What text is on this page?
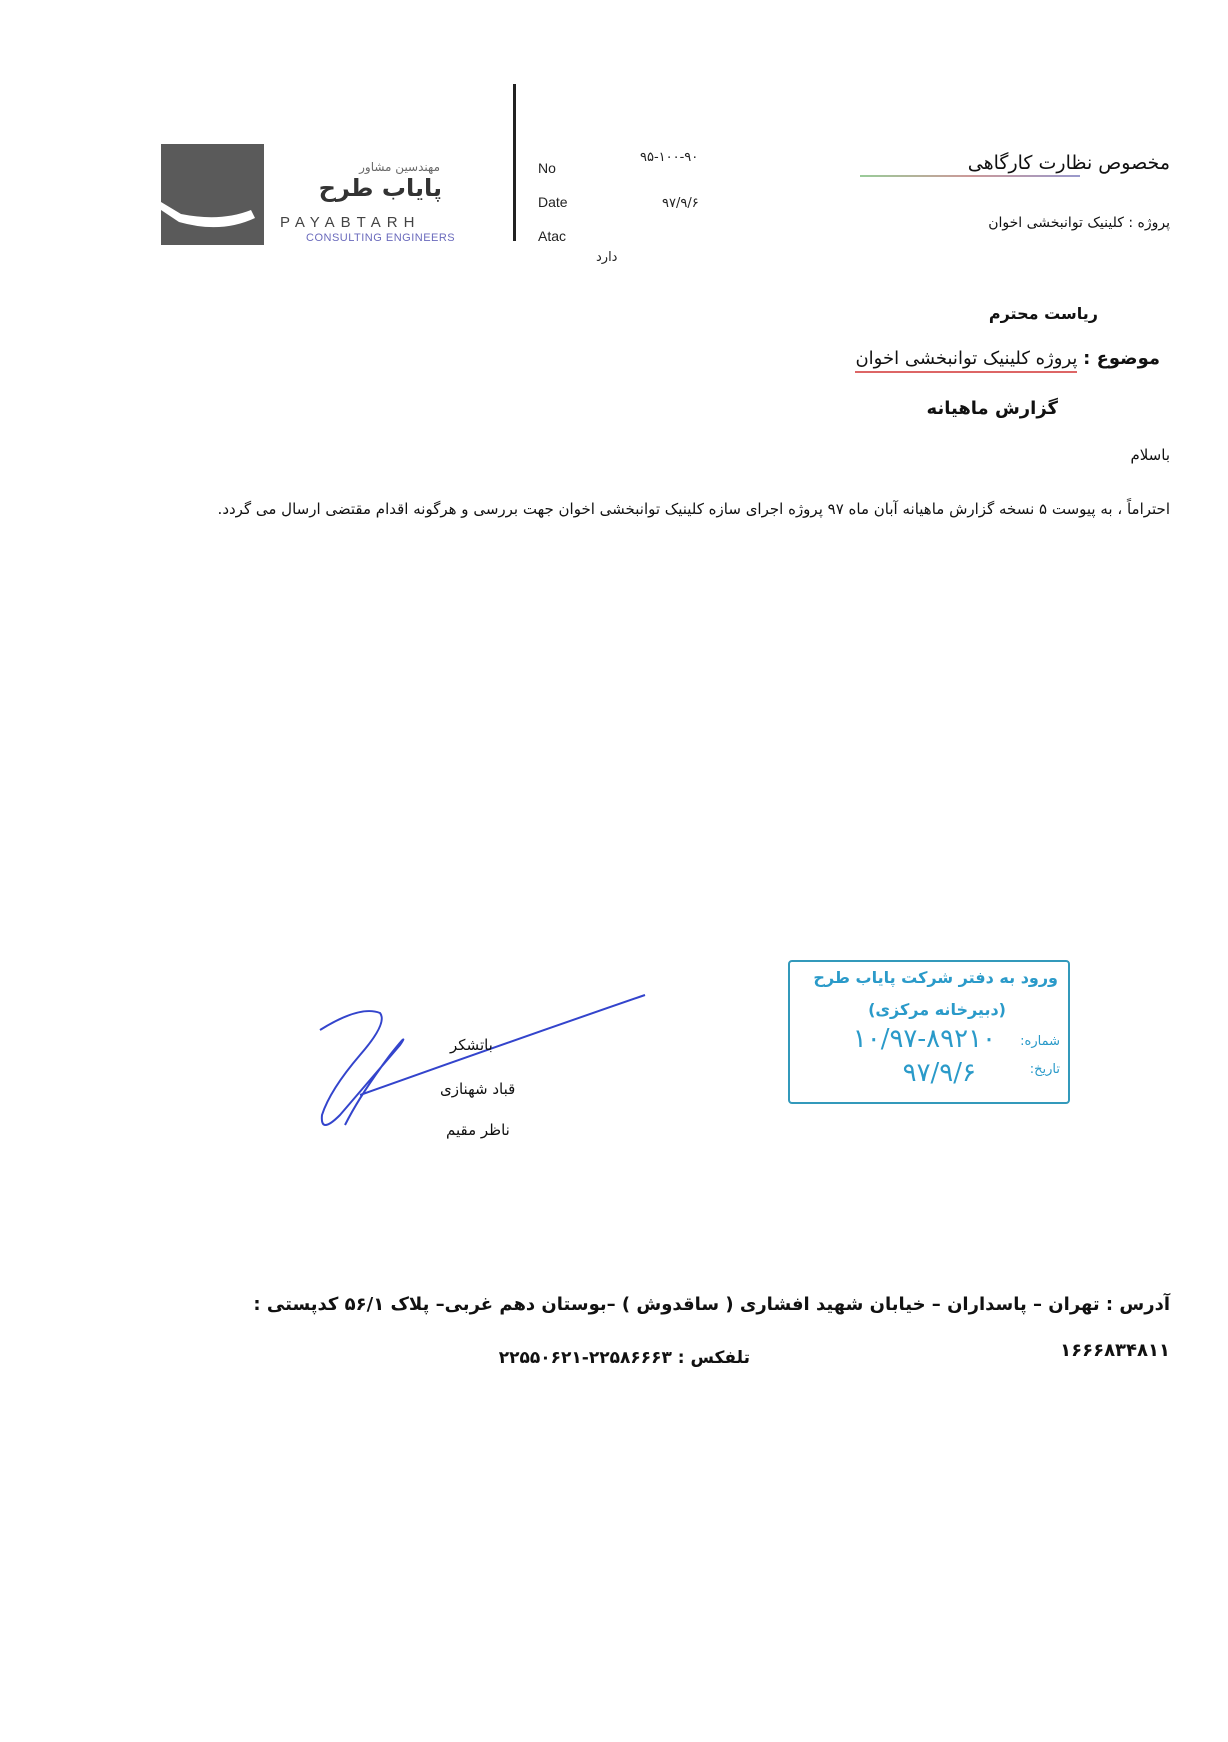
مهندسین مشاور
پایاب طرح
PAYABTARH
CONSULTING ENGINEERS
No
۹۵-۱۰۰-۹۰
Date	۹۷/۹/۶
Atac
دارد
مخصوص نظارت کارگاهی
پروژه : کلینیک توانبخشی اخوان
ریاست محترم
موضوع : پروژه کلینیک توانبخشی اخوان
گزارش ماهیانه
باسلام
احتراماً ، به پیوست ۵ نسخه گزارش ماهیانه آبان ماه ۹۷ پروژه اجرای سازه کلینیک توانبخشی اخوان جهت بررسی و هرگونه اقدام مقتضی ارسال می گردد.
باتشکر
قباد شهنازی
ناظر مقیم
ورود به دفتر شرکت پایاب طرح
(دبیرخانه مرکزی)
شماره:
تاریخ:
۱۰/۹۷-۸۹۲۱۰
۹۷/۹/۶
آدرس : تهران – پاسداران – خیابان شهید افشاری ( ساقدوش ) –بوستان دهم غربی– پلاک ۵۶/۱ کدپستی :
۱۶۶۶۸۳۴۸۱۱
تلفکس : ۲۲۵۸۶۶۶۳-۲۲۵۵۰۶۲۱
